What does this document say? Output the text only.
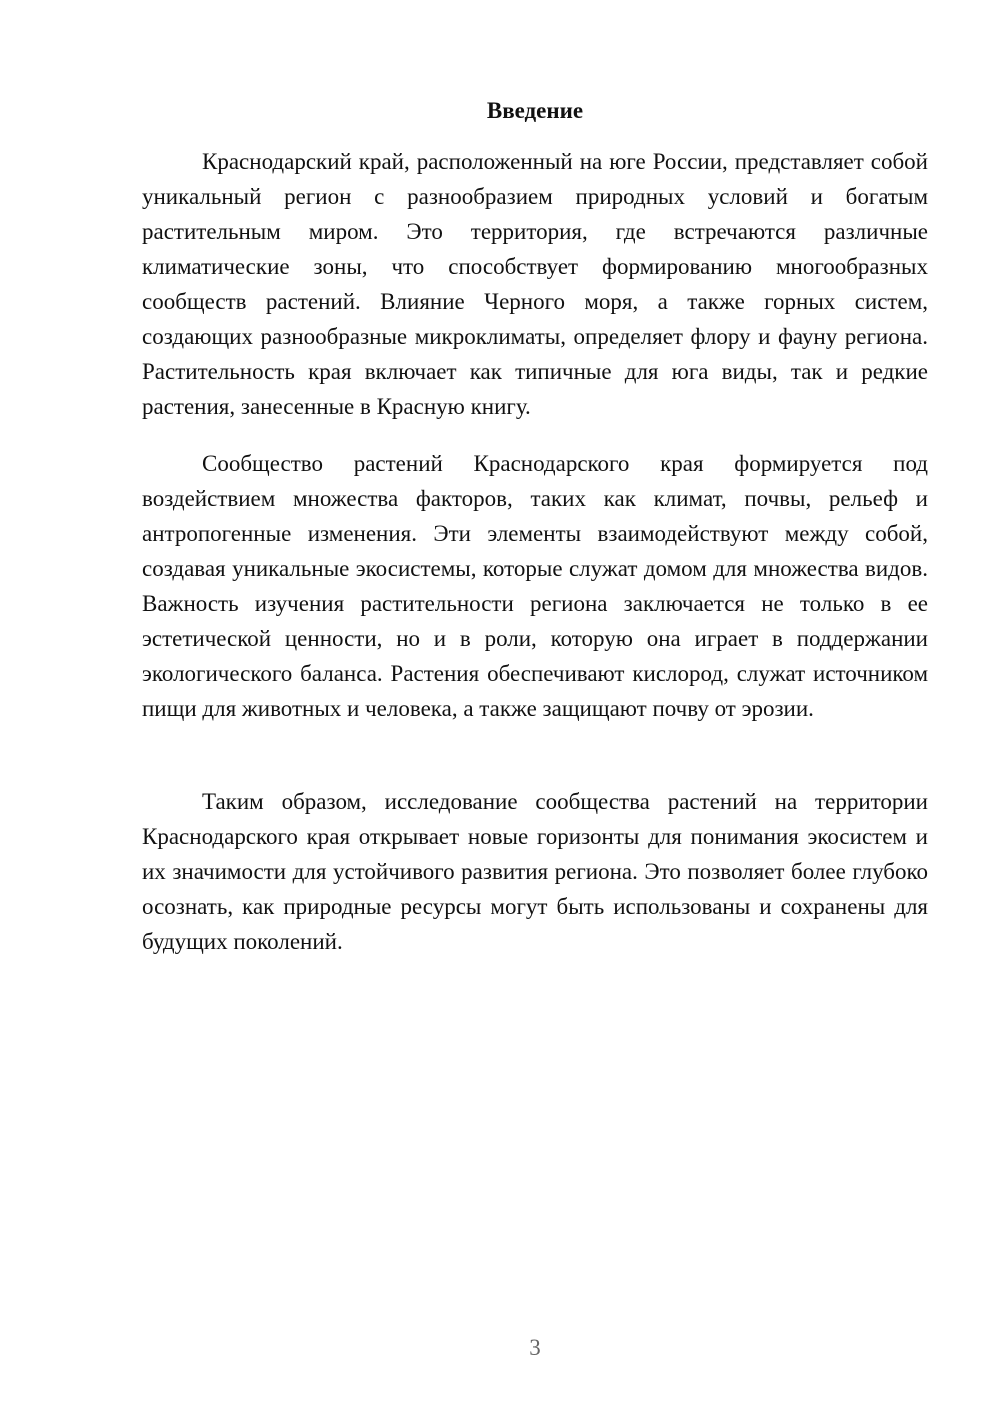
Введение

Краснодарский край, расположенный на юге России, представляет собой уникальный регион с разнообразием природных условий и богатым растительным миром. Это территория, где встречаются различные климатические зоны, что способствует формированию многообразных сообществ растений. Влияние Черного моря, а также горных систем, создающих разнообразные микроклиматы, определяет флору и фауну региона. Растительность края включает как типичные для юга виды, так и редкие растения, занесенные в Красную книгу.

Сообщество растений Краснодарского края формируется под воздействием множества факторов, таких как климат, почвы, рельеф и антропогенные изменения. Эти элементы взаимодействуют между собой, создавая уникальные экосистемы, которые служат домом для множества видов. Важность изучения растительности региона заключается не только в ее эстетической ценности, но и в роли, которую она играет в поддержании экологического баланса. Растения обеспечивают кислород, служат источником пищи для животных и человека, а также защищают почву от эрозии.

Таким образом, исследование сообщества растений на территории Краснодарского края открывает новые горизонты для понимания экосистем и их значимости для устойчивого развития региона. Это позволяет более глубоко осознать, как природные ресурсы могут быть использованы и сохранены для будущих поколений.

3
